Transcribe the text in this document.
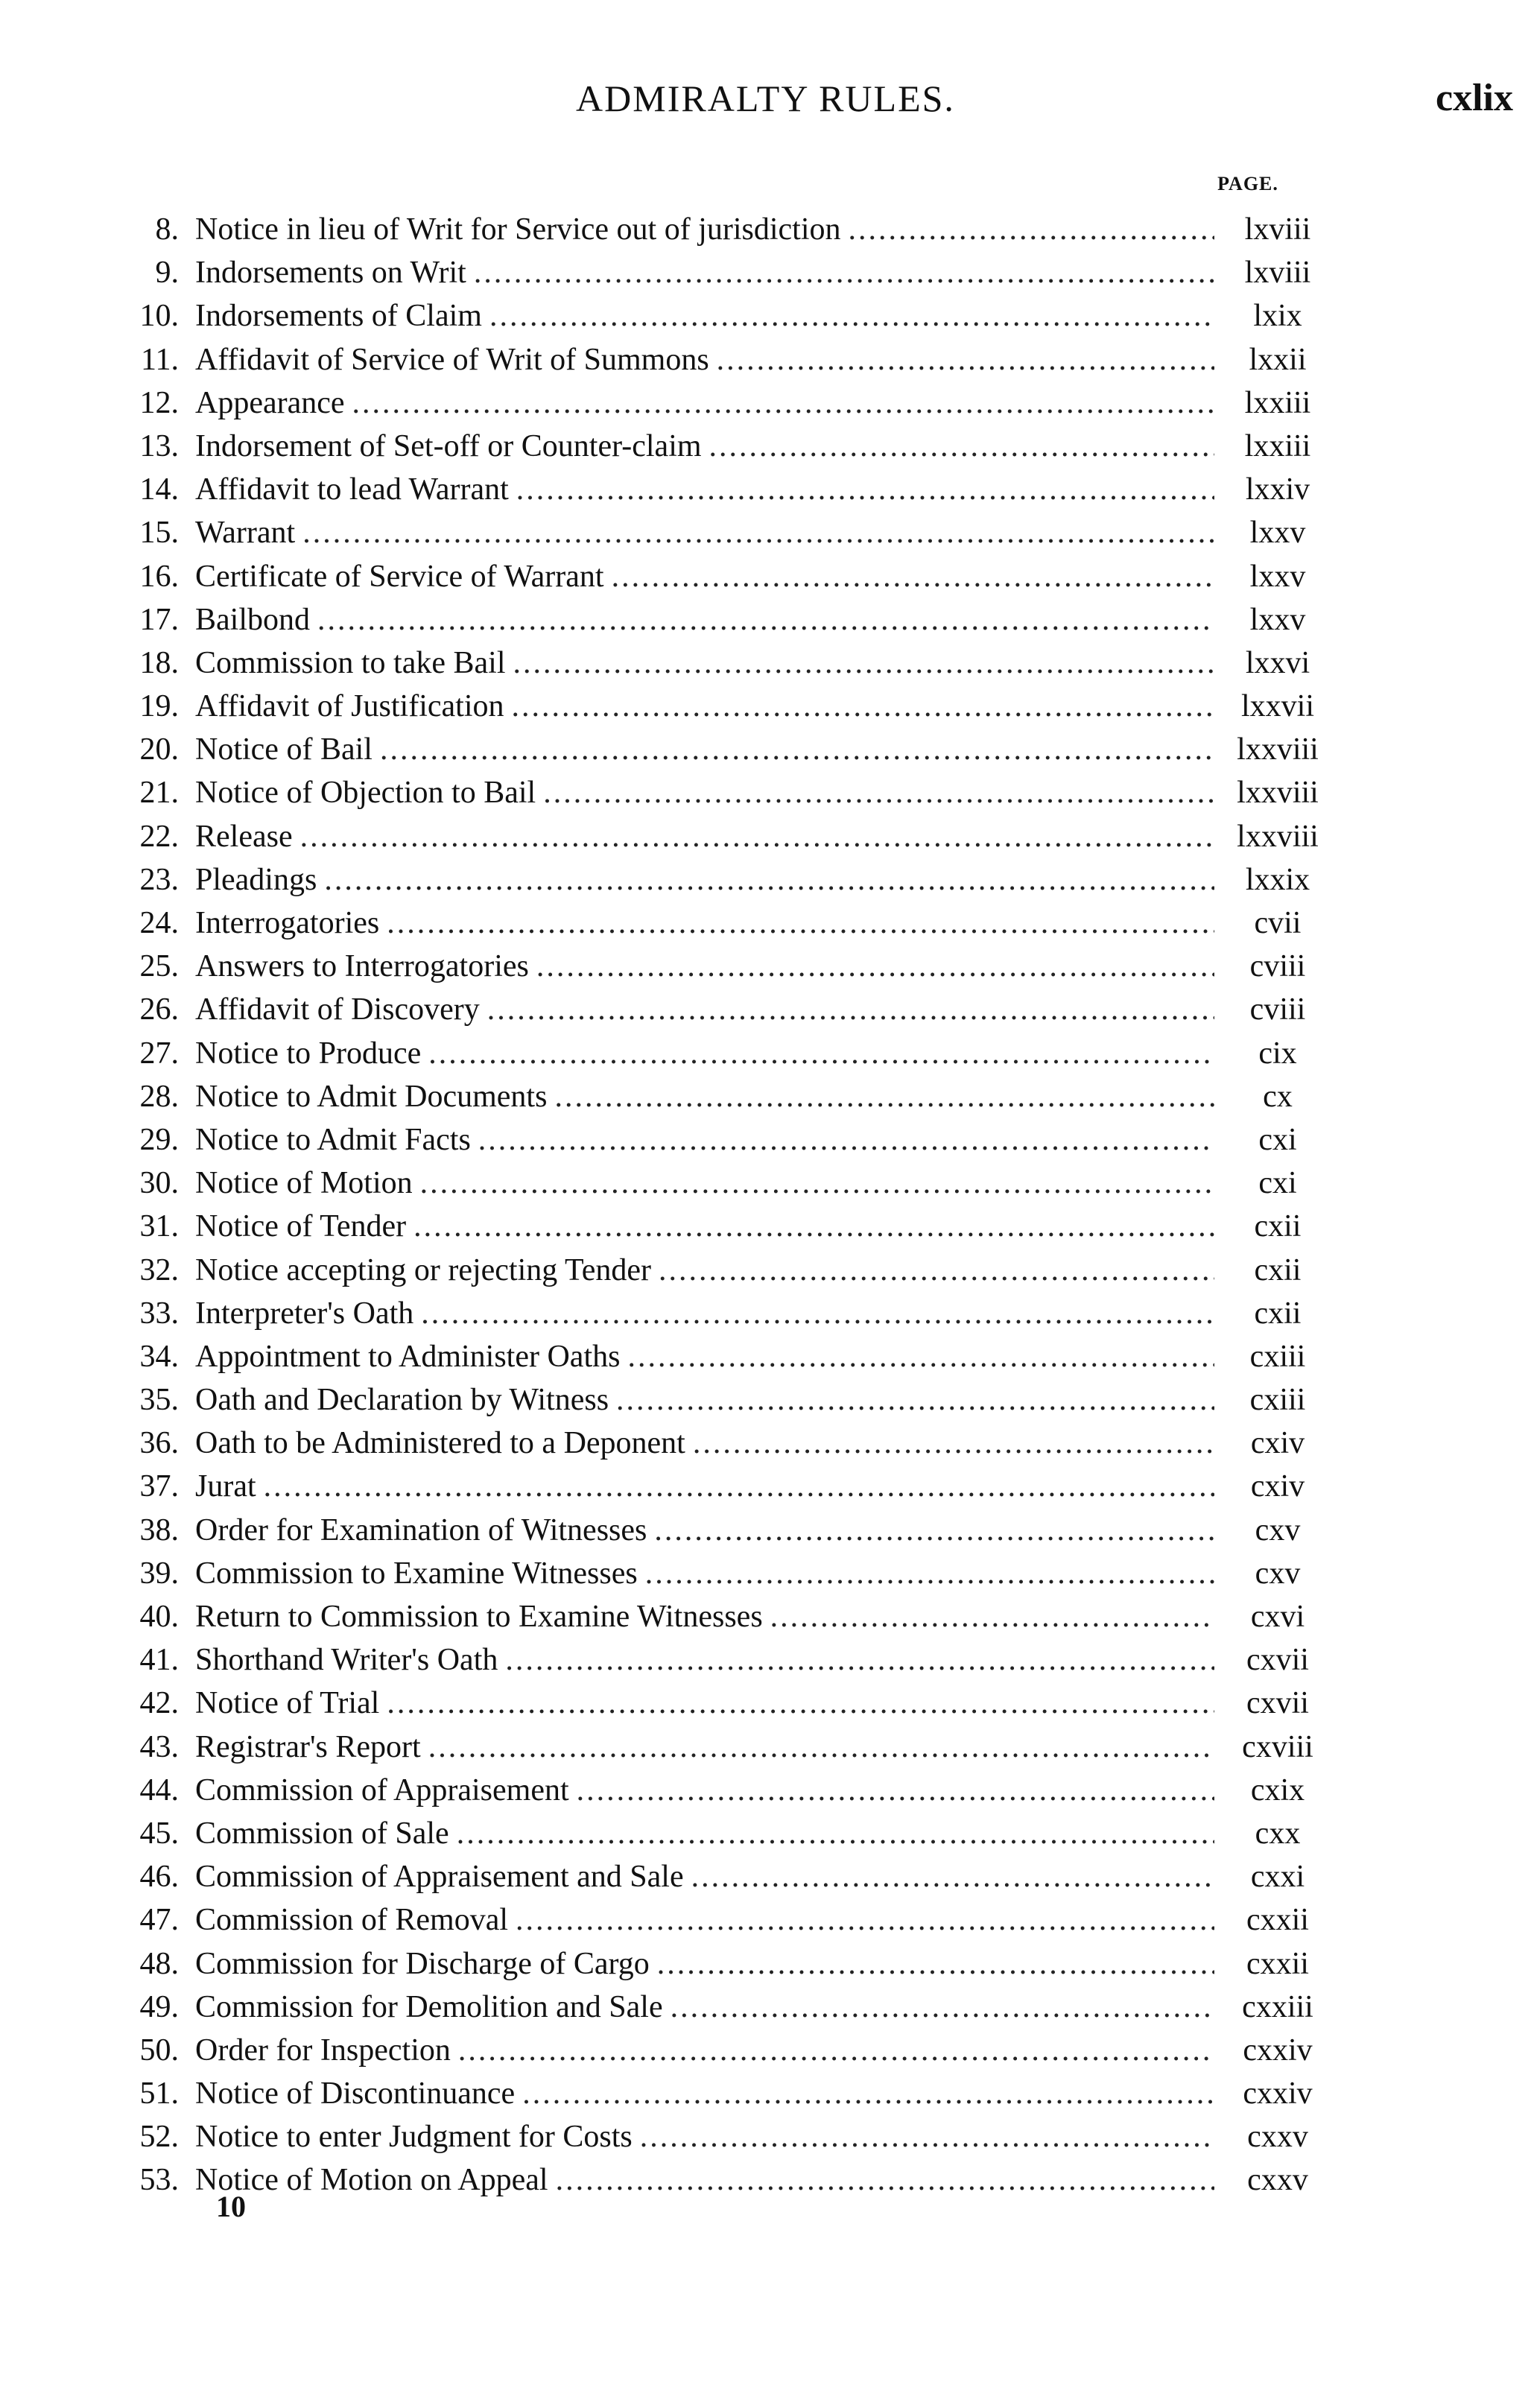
ADMIRALTY RULES.	cxlix
PAGE.
8. Notice in lieu of Writ for Service out of jurisdiction .....	lxviii
9. Indorsements on Writ .....	lxviii
10. Indorsements of Claim .....	lxix
11. Affidavit of Service of Writ of Summons .....	lxxii
12. Appearance .....	lxxiii
13. Indorsement of Set-off or Counter-claim .....	lxxiii
14. Affidavit to lead Warrant .....	lxxiv
15. Warrant .....	lxxv
16. Certificate of Service of Warrant .....	lxxv
17. Bailbond .....	lxxv
18. Commission to take Bail .....	lxxvi
19. Affidavit of Justification .....	lxxvii
20. Notice of Bail .....	lxxviii
21. Notice of Objection to Bail .....	lxxviii
22. Release .....	lxxviii
23. Pleadings .....	lxxix
24. Interrogatories .....	cvii
25. Answers to Interrogatories .....	cviii
26. Affidavit of Discovery .....	cviii
27. Notice to Produce .....	cix
28. Notice to Admit Documents .....	cx
29. Notice to Admit Facts .....	cxi
30. Notice of Motion .....	cxi
31. Notice of Tender .....	cxii
32. Notice accepting or rejecting Tender .....	cxii
33. Interpreter's Oath .....	cxii
34. Appointment to Administer Oaths .....	cxiii
35. Oath and Declaration by Witness .....	cxiii
36. Oath to be Administered to a Deponent .....	cxiv
37. Jurat .....	cxiv
38. Order for Examination of Witnesses .....	cxv
39. Commission to Examine Witnesses .....	cxv
40. Return to Commission to Examine Witnesses .....	cxvi
41. Shorthand Writer's Oath .....	cxvii
42. Notice of Trial .....	cxvii
43. Registrar's Report .....	cxviii
44. Commission of Appraisement .....	cxix
45. Commission of Sale .....	cxx
46. Commission of Appraisement and Sale .....	cxxi
47. Commission of Removal .....	cxxii
48. Commission for Discharge of Cargo .....	cxxii
49. Commission for Demolition and Sale .....	cxxiii
50. Order for Inspection .....	cxxiv
51. Notice of Discontinuance .....	cxxiv
52. Notice to enter Judgment for Costs .....	cxxv
53. Notice of Motion on Appeal .....	cxxv
10
